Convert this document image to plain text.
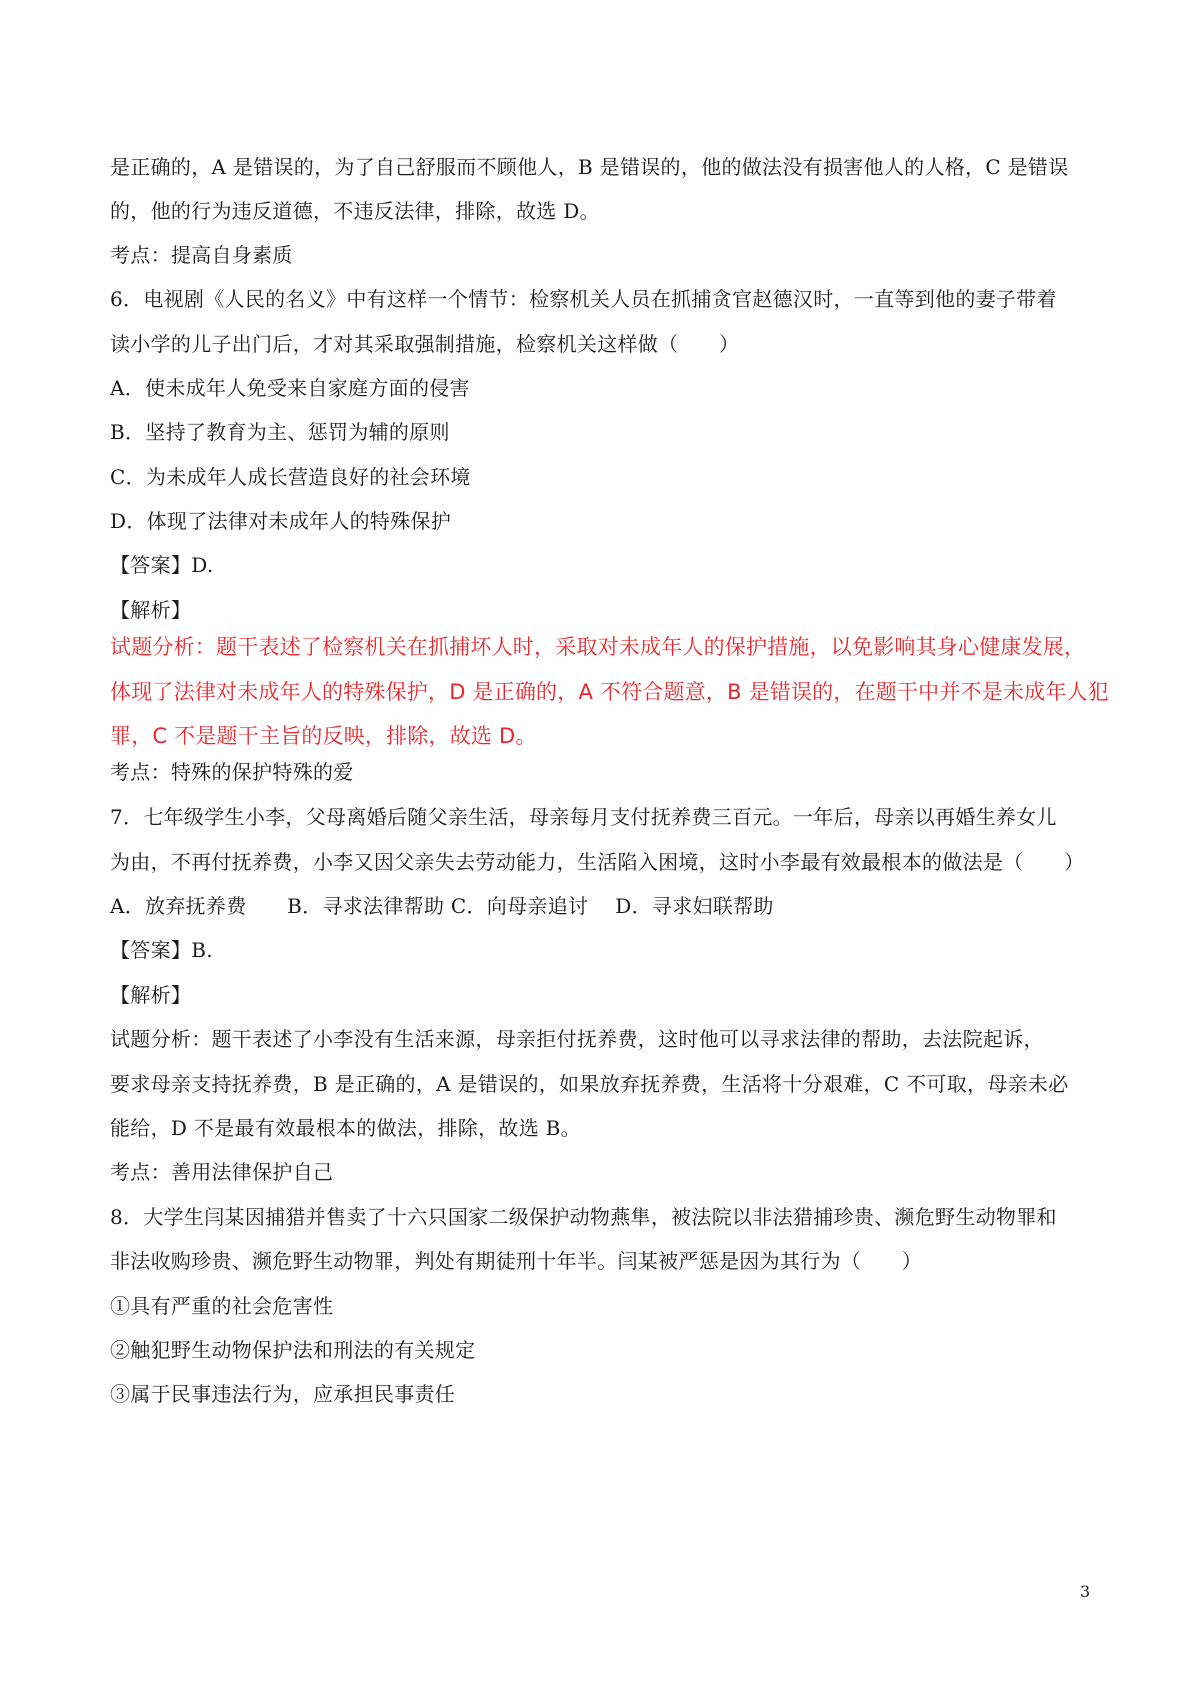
是正确的，A 是错误的，为了自己舒服而不顾他人，B 是错误的，他的做法没有损害他人的人格，C 是错误
的，他的行为违反道德，不违反法律，排除，故选 D。
考点：提高自身素质
6．电视剧《人民的名义》中有这样一个情节：检察机关人员在抓捕贪官赵德汉时，一直等到他的妻子带着
读小学的儿子出门后，才对其采取强制措施，检察机关这样做（　　）
A．使未成年人免受来自家庭方面的侵害
B．坚持了教育为主、惩罚为辅的原则
C．为未成年人成长营造良好的社会环境
D．体现了法律对未成年人的特殊保护
【答案】D.
【解析】
试题分析：题干表述了检察机关在抓捕坏人时，采取对未成年人的保护措施，以免影响其身心健康发展，
体现了法律对未成年人的特殊保护，D 是正确的，A 不符合题意，B 是错误的，在题干中并不是未成年人犯
罪，C 不是题干主旨的反映，排除，故选 D。
考点：特殊的保护特殊的爱
7．七年级学生小李，父母离婚后随父亲生活，母亲每月支付抚养费三百元。一年后，母亲以再婚生养女儿
为由，不再付抚养费，小李又因父亲失去劳动能力，生活陷入困境，这时小李最有效最根本的做法是（　　）
A．放弃抚养费　　B．寻求法律帮助 C．向母亲追讨　 D．寻求妇联帮助
【答案】B.
【解析】
试题分析：题干表述了小李没有生活来源，母亲拒付抚养费，这时他可以寻求法律的帮助，去法院起诉，
要求母亲支持抚养费，B 是正确的，A 是错误的，如果放弃抚养费，生活将十分艰难，C 不可取，母亲未必
能给，D 不是最有效最根本的做法，排除，故选 B。
考点：善用法律保护自己
8．大学生闫某因捕猎并售卖了十六只国家二级保护动物燕隼，被法院以非法猎捕珍贵、濒危野生动物罪和
非法收购珍贵、濒危野生动物罪，判处有期徒刑十年半。闫某被严惩是因为其行为（　　）
①具有严重的社会危害性
②触犯野生动物保护法和刑法的有关规定
③属于民事违法行为，应承担民事责任
3
